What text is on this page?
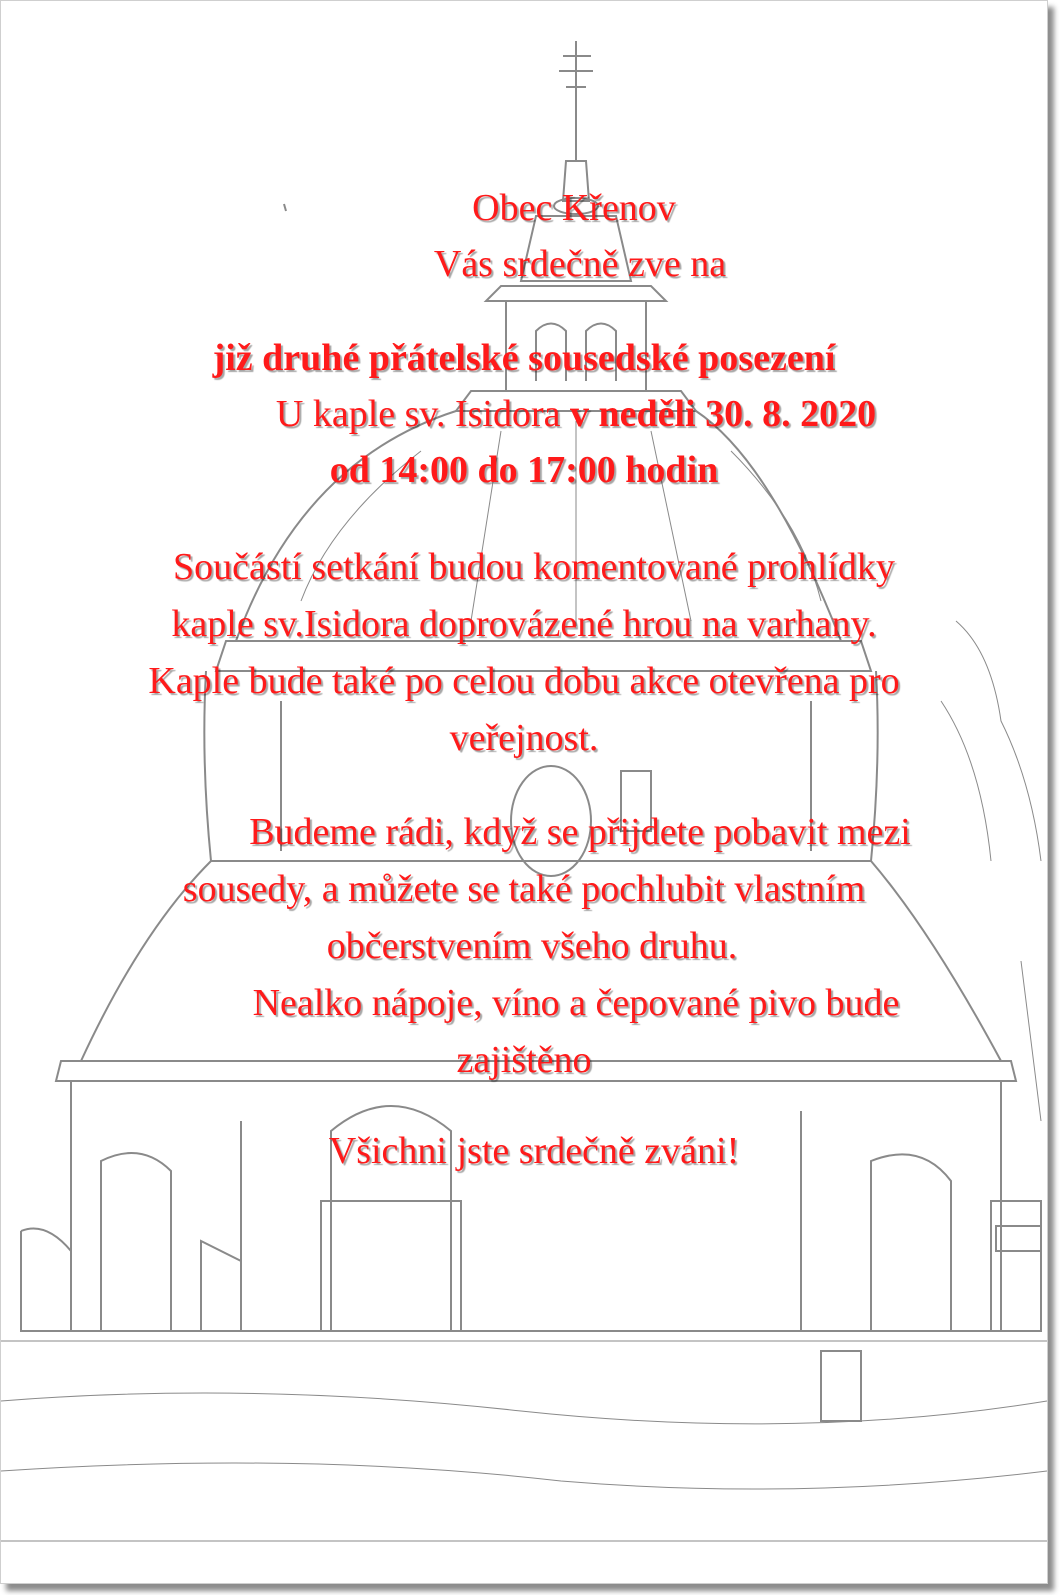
Obec Křenov

Vás srdečně zve na

již druhé přátelské sousedské posezení

U kaple sv. Isidora v neděli 30. 8. 2020

od 14:00 do 17:00 hodin

Součástí setkání budou komentované prohlídky

kaple sv.Isidora doprovázené hrou na varhany.

Kaple bude také po celou dobu akce otevřena pro

veřejnost.

Budeme rádi, když se přijdete pobavit mezi

sousedy, a můžete se také pochlubit vlastním

občerstvením všeho druhu.

Nealko nápoje, víno a čepované pivo bude

zajištěno

Všichni jste srdečně zváni!
